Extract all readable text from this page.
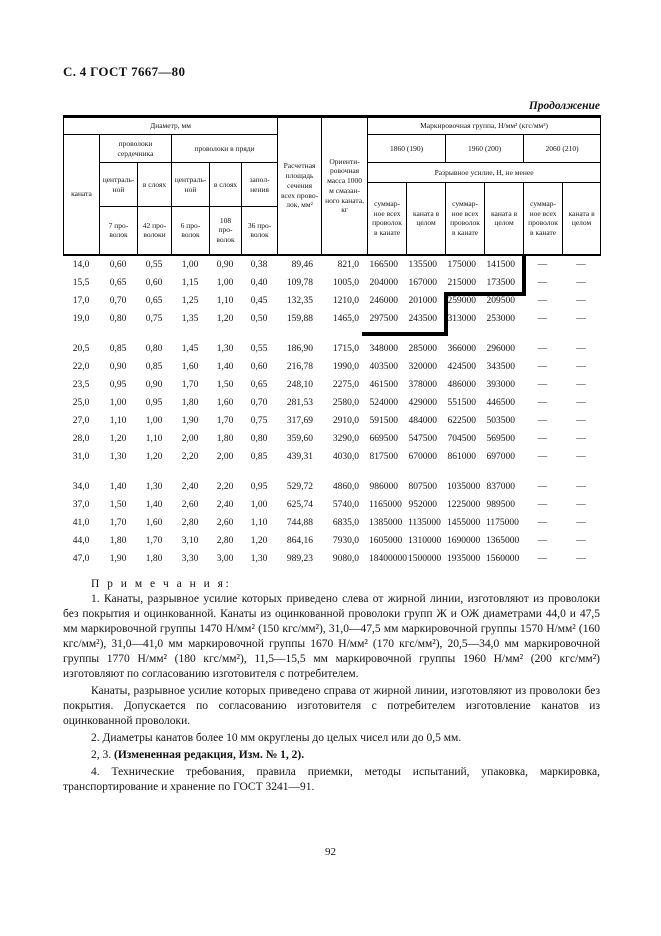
С. 4 ГОСТ 7667—80
Продолжение
Диаметр, мм						Расчетная площадь сечения всех проволок, мм²	Ориентировочная масса 1000 м смазанного каната, кг	Маркировочная группа, Н/мм² (кгс/мм²)					
каната	проволоки сердечника		проволоки в пряди					1860 (190)		1960 (200)		2060 (210)	
	центральной	в слоях	центральной	в слоях	заполнения			Разрывное усилие, Н, не менее					
								суммарное всех проволок в канате	каната в целом	суммарное всех проволок в канате	каната в целом	суммарное всех проволок в канате	каната в целом
	7 проволок	42 проволоки	6 проволок	108 проволок	36 проволок								
14,0	0,60	0,55	1,00	0,90	0,38	89,46	821,0	166500	135500	175000	141500	—	—
15,5	0,65	0,60	1,15	1,00	0,40	109,78	1005,0	204000	167000	215000	173500	—	—
17,0	0,70	0,65	1,25	1,10	0,45	132,35	1210,0	246000	201000	259000	209500	—	—
19,0	0,80	0,75	1,35	1,20	0,50	159,88	1465,0	297500	243500	313000	253000	—	—

20,5	0,85	0,80	1,45	1,30	0,55	186,90	1715,0	348000	285000	366000	296000	—	—
22,0	0,90	0,85	1,60	1,40	0,60	216,78	1990,0	403500	320000	424500	343500	—	—
23,5	0,95	0,90	1,70	1,50	0,65	248,10	2275,0	461500	378000	486000	393000	—	—
25,0	1,00	0,95	1,80	1,60	0,70	281,53	2580,0	524000	429000	551500	446500	—	—
27,0	1,10	1,00	1,90	1,70	0,75	317,69	2910,0	591500	484000	622500	503500	—	—
28,0	1,20	1,10	2,00	1,80	0,80	359,60	3290,0	669500	547500	704500	569500	—	—
31,0	1,30	1,20	2,20	2,00	0,85	439,31	4030,0	817500	670000	861000	697000	—	—

34,0	1,40	1,30	2,40	2,20	0,95	529,72	4860,0	986000	807500	1035000	837000	—	—
37,0	1,50	1,40	2,60	2,40	1,00	625,74	5740,0	1165000	952000	1225000	989500	—	—
41,0	1,70	1,60	2,80	2,60	1,10	744,88	6835,0	1385000	1135000	1455000	1175000	—	—
44,0	1,80	1,70	3,10	2,80	1,20	864,16	7930,0	1605000	1310000	1690000	1365000	—	—
47,0	1,90	1,80	3,30	3,00	1,30	989,23	9080,0	18400000	1500000	1935000	1560000	—	—

П р и м е ч а н и я:

1. Канаты, разрывное усилие которых приведено слева от жирной линии, изготовляют из проволоки без покрытия и оцинкованной. Канаты из оцинкованной проволоки групп Ж и ОЖ диаметрами 44,0 и 47,5 мм маркировочной группы 1470 Н/мм² (150 кгс/мм²), 31,0—47,5 мм маркировочной группы 1570 Н/мм² (160 кгс/мм²), 31,0—41,0 мм маркировочной группы 1670 Н/мм² (170 кгс/мм²), 20,5—34,0 мм маркировочной группы 1770 Н/мм² (180 кгс/мм²), 11,5—15,5 мм маркировочной группы 1960 Н/мм² (200 кгс/мм²) изготовляют по согласованию изготовителя с потребителем.

Канаты, разрывное усилие которых приведено справа от жирной линии, изготовляют из проволоки без покрытия. Допускается по согласованию изготовителя с потребителем изготовление канатов из оцинкованной проволоки.

2. Диаметры канатов более 10 мм округлены до целых чисел или до 0,5 мм.

2, 3. (Измененная редакция, Изм. № 1, 2).

4. Технические требования, правила приемки, методы испытаний, упаковка, маркировка, транспортирование и хранение по ГОСТ 3241—91.

92
